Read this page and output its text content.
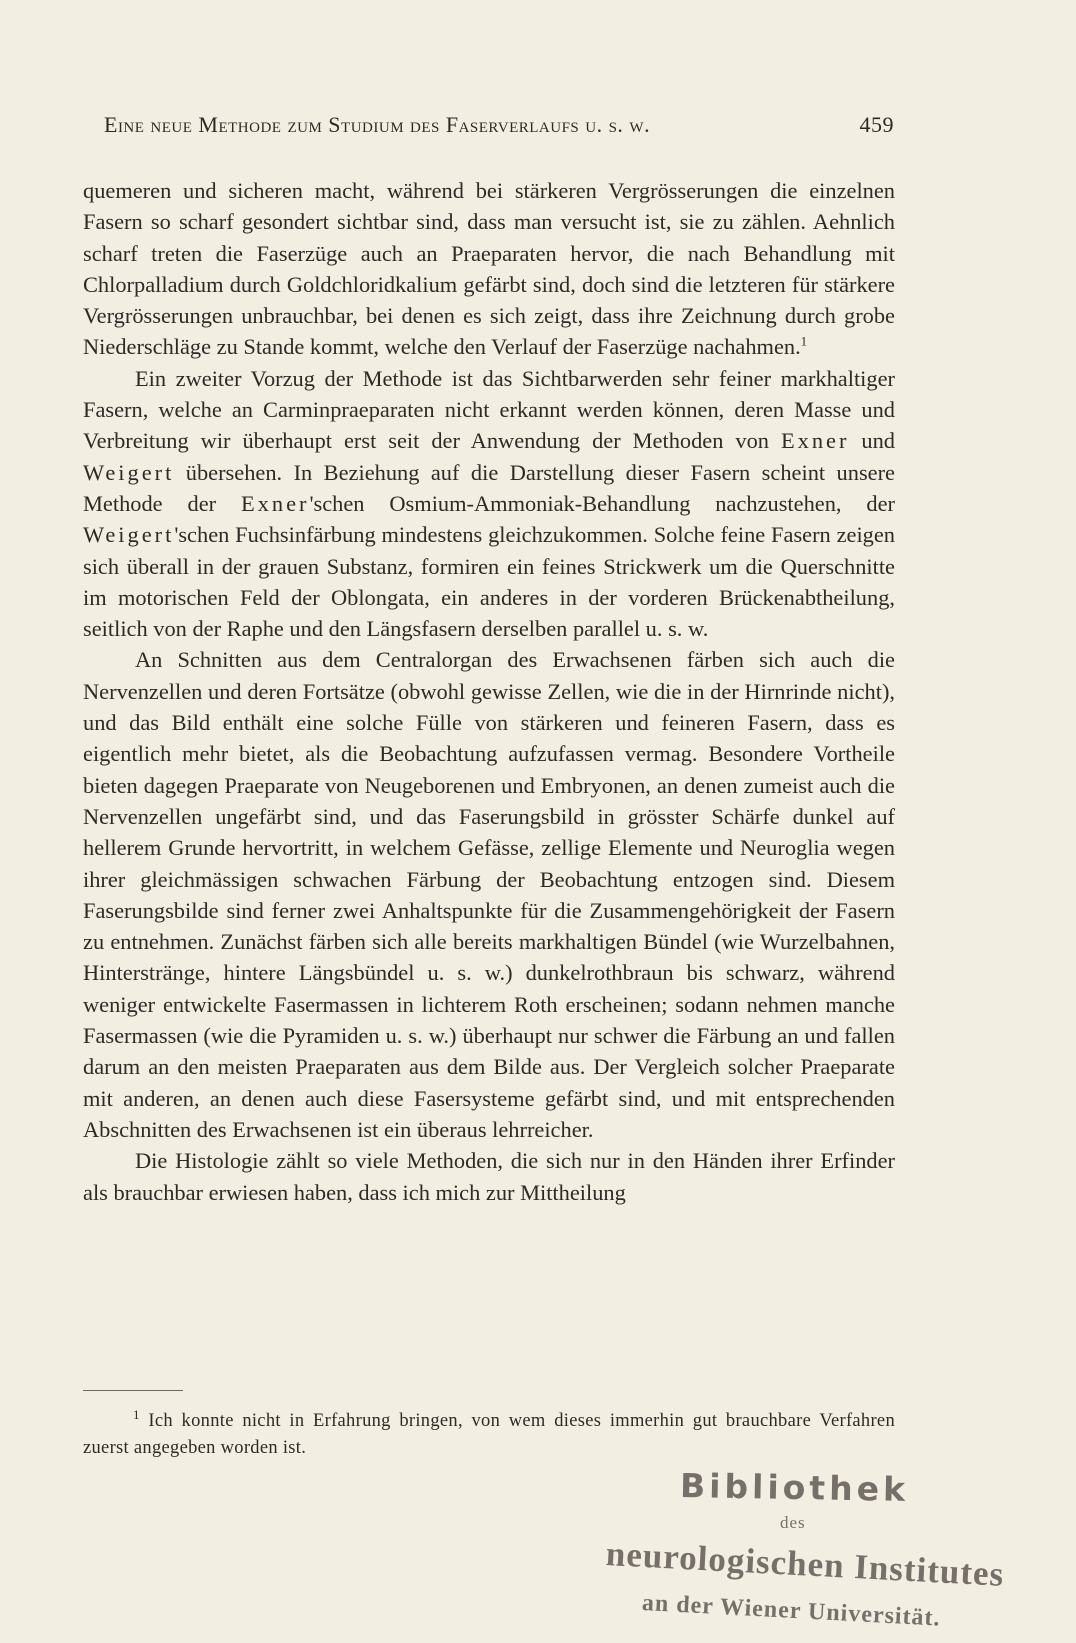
Eine neue Methode zum Studium des Faserverlaufs u. s. w.	459

quemeren und sicheren macht, während bei stärkeren Vergrösserungen die einzelnen Fasern so scharf gesondert sichtbar sind, dass man versucht ist, sie zu zählen. Aehnlich scharf treten die Faserzüge auch an Praeparaten hervor, die nach Behandlung mit Chlorpalladium durch Goldchloridkalium gefärbt sind, doch sind die letzteren für stärkere Vergrösserungen unbrauchbar, bei denen es sich zeigt, dass ihre Zeichnung durch grobe Niederschläge zu Stande kommt, welche den Verlauf der Faserzüge nachahmen.$^1$

Ein zweiter Vorzug der Methode ist das Sichtbarwerden sehr feiner markhaltiger Fasern, welche an Carminpraeparaten nicht erkannt werden können, deren Masse und Verbreitung wir überhaupt erst seit der Anwendung der Methoden von Exner und Weigert übersehen. In Beziehung auf die Darstellung dieser Fasern scheint unsere Methode der Exner'schen Osmium-Ammoniak-Behandlung nachzustehen, der Weigert'schen Fuchsinfärbung mindestens gleichzukommen. Solche feine Fasern zeigen sich überall in der grauen Substanz, formiren ein feines Strickwerk um die Querschnitte im motorischen Feld der Oblongata, ein anderes in der vorderen Brückenabtheilung, seitlich von der Raphe und den Längsfasern derselben parallel u. s. w.

An Schnitten aus dem Centralorgan des Erwachsenen färben sich auch die Nervenzellen und deren Fortsätze (obwohl gewisse Zellen, wie die in der Hirnrinde nicht), und das Bild enthält eine solche Fülle von stärkeren und feineren Fasern, dass es eigentlich mehr bietet, als die Beobachtung aufzufassen vermag. Besondere Vortheile bieten dagegen Praeparate von Neugeborenen und Embryonen, an denen zumeist auch die Nervenzellen ungefärbt sind, und das Faserungsbild in grösster Schärfe dunkel auf hellerem Grunde hervortritt, in welchem Gefässe, zellige Elemente und Neuroglia wegen ihrer gleichmässigen schwachen Färbung der Beobachtung entzogen sind. Diesem Faserungsbilde sind ferner zwei Anhaltspunkte für die Zusammengehörigkeit der Fasern zu entnehmen. Zunächst färben sich alle bereits markhaltigen Bündel (wie Wurzelbahnen, Hinterstränge, hintere Längsbündel u. s. w.) dunkelrothbraun bis schwarz, während weniger entwickelte Fasermassen in lichterem Roth erscheinen; sodann nehmen manche Fasermassen (wie die Pyramiden u. s. w.) überhaupt nur schwer die Färbung an und fallen darum an den meisten Praeparaten aus dem Bilde aus. Der Vergleich solcher Praeparate mit anderen, an denen auch diese Fasersysteme gefärbt sind, und mit entsprechenden Abschnitten des Erwachsenen ist ein überaus lehrreicher.

Die Histologie zählt so viele Methoden, die sich nur in den Händen ihrer Erfinder als brauchbar erwiesen haben, dass ich mich zur Mittheilung

$^1$ Ich konnte nicht in Erfahrung bringen, von wem dieses immerhin gut brauchbare Verfahren zuerst angegeben worden ist.
Bibliothek
des
neurologischen Institutes
an der Wiener Universität.
